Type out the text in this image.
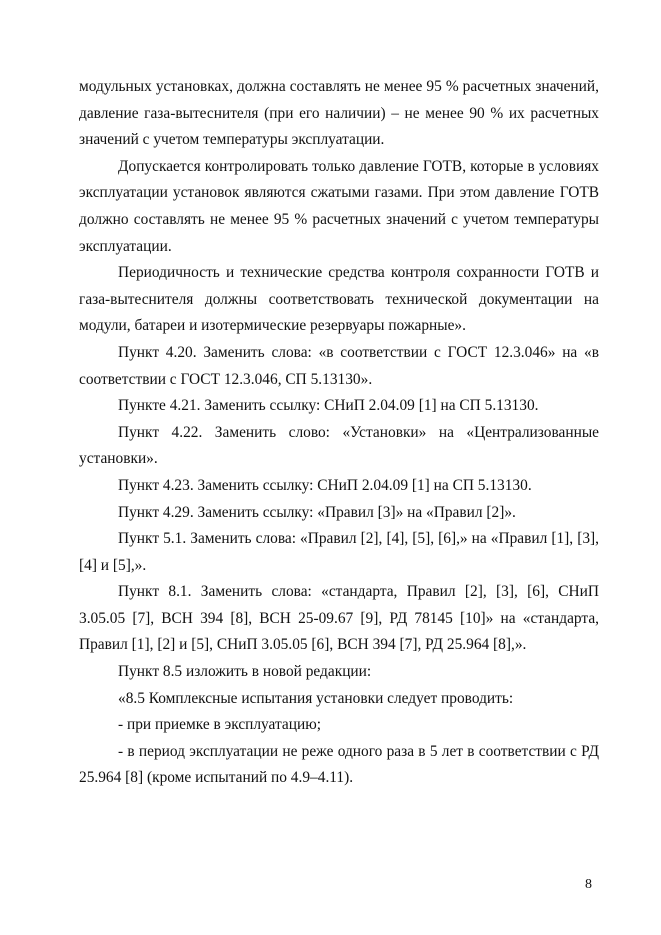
модульных установках, должна составлять не менее 95 % расчетных значений, давление газа-вытеснителя (при его наличии) – не менее 90 % их расчетных значений с учетом температуры эксплуатации.

Допускается контролировать только давление ГОТВ, которые в условиях эксплуатации установок являются сжатыми газами. При этом давление ГОТВ должно составлять не менее 95 % расчетных значений с учетом температуры эксплуатации.

Периодичность и технические средства контроля сохранности ГОТВ и газа-вытеснителя должны соответствовать технической документации на модули, батареи и изотермические резервуары пожарные».

Пункт 4.20. Заменить слова: «в соответствии с ГОСТ 12.3.046» на «в соответствии с ГОСТ 12.3.046, СП 5.13130».

Пункте 4.21. Заменить ссылку: СНиП 2.04.09 [1] на СП 5.13130.

Пункт 4.22. Заменить слово: «Установки» на «Централизованные установки».

Пункт 4.23. Заменить ссылку: СНиП 2.04.09 [1] на СП 5.13130.

Пункт 4.29. Заменить ссылку: «Правил [3]» на «Правил [2]».

Пункт 5.1. Заменить слова: «Правил [2], [4], [5], [6],» на «Правил [1], [3], [4] и [5],».

Пункт 8.1. Заменить слова: «стандарта, Правил [2], [3], [6], СНиП 3.05.05 [7], ВСН 394 [8], ВСН 25-09.67 [9], РД 78145 [10]» на «стандарта, Правил [1], [2] и [5], СНиП 3.05.05 [6], ВСН 394 [7], РД 25.964 [8],».

Пункт 8.5 изложить в новой редакции:

«8.5 Комплексные испытания установки следует проводить:

- при приемке в эксплуатацию;

- в период эксплуатации не реже одного раза в 5 лет в соответствии с РД 25.964 [8] (кроме испытаний по 4.9–4.11).

8
